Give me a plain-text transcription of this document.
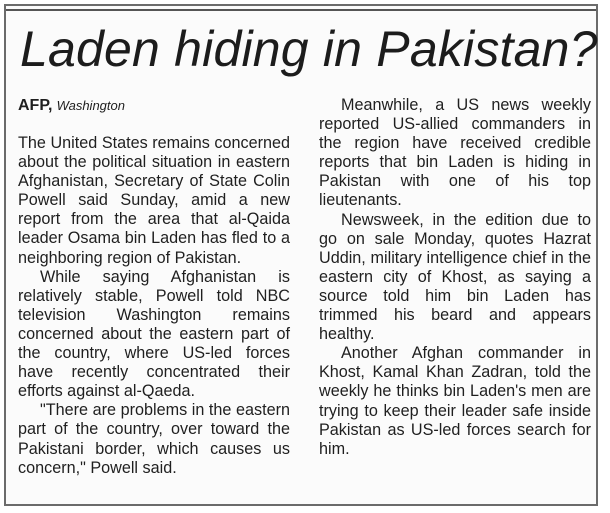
Laden hiding in Pakistan?
AFP, Washington

The United States remains concerned about the political situation in eastern Afghanistan, Secretary of State Colin Powell said Sunday, amid a new report from the area that al-Qaida leader Osama bin Laden has fled to a neighboring region of Pakistan.

While saying Afghanistan is relatively stable, Powell told NBC television Washington remains concerned about the eastern part of the country, where US-led forces have recently concentrated their efforts against al-Qaeda.

"There are problems in the eastern part of the country, over toward the Pakistani border, which causes us concern," Powell said.

Meanwhile, a US news weekly reported US-allied commanders in the region have received credible reports that bin Laden is hiding in Pakistan with one of his top lieutenants.

Newsweek, in the edition due to go on sale Monday, quotes Hazrat Uddin, military intelligence chief in the eastern city of Khost, as saying a source told him bin Laden has trimmed his beard and appears healthy.

Another Afghan commander in Khost, Kamal Khan Zadran, told the weekly he thinks bin Laden's men are trying to keep their leader safe inside Pakistan as US-led forces search for him.
